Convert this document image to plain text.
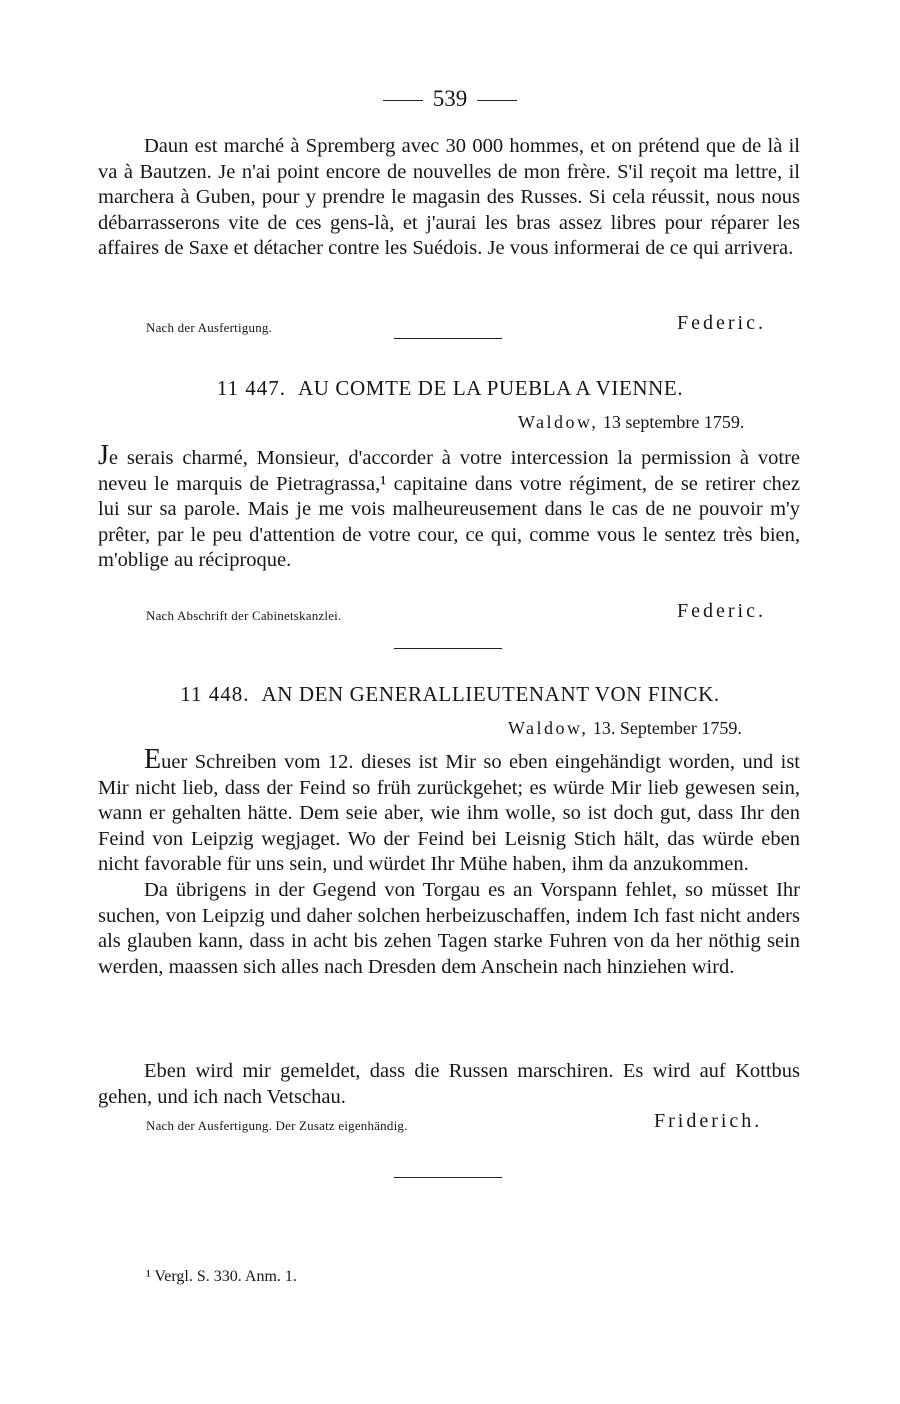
539

Daun est marché à Spremberg avec 30 000 hommes, et on prétend que de là il va à Bautzen. Je n'ai point encore de nouvelles de mon frère. S'il reçoit ma lettre, il marchera à Guben, pour y prendre le magasin des Russes. Si cela réussit, nous nous débarrasserons vite de ces gens-là, et j'aurai les bras assez libres pour réparer les affaires de Saxe et détacher contre les Suédois. Je vous informerai de ce qui arrivera.

Nach der Ausfertigung.	Federic.
11 447. AU COMTE DE LA PUEBLA A VIENNE.
Waldow, 13 septembre 1759.

Je serais charmé, Monsieur, d'accorder à votre intercession la permission à votre neveu le marquis de Pietragrassa,¹ capitaine dans votre régiment, de se retirer chez lui sur sa parole. Mais je me vois malheureusement dans le cas de ne pouvoir m'y prêter, par le peu d'attention de votre cour, ce qui, comme vous le sentez très bien, m'oblige au réciproque.

Nach Abschrift der Cabinetskanzlei.	Federic.
11 448. AN DEN GENERALLIEUTENANT VON FINCK.
Waldow, 13. September 1759.

Euer Schreiben vom 12. dieses ist Mir so eben eingehändigt worden, und ist Mir nicht lieb, dass der Feind so früh zurückgehet; es würde Mir lieb gewesen sein, wann er gehalten hätte. Dem seie aber, wie ihm wolle, so ist doch gut, dass Ihr den Feind von Leipzig wegjaget. Wo der Feind bei Leisnig Stich hält, das würde eben nicht favorable für uns sein, und würdet Ihr Mühe haben, ihm da anzukommen.

Da übrigens in der Gegend von Torgau es an Vorspann fehlet, so müsset Ihr suchen, von Leipzig und daher solchen herbeizuschaffen, indem Ich fast nicht anders als glauben kann, dass in acht bis zehen Tagen starke Fuhren von da her nöthig sein werden, maassen sich alles nach Dresden dem Anschein nach hinziehen wird.

Eben wird mir gemeldet, dass die Russen marschiren. Es wird auf Kottbus gehen, und ich nach Vetschau.

Nach der Ausfertigung. Der Zusatz eigenhändig.	Friderich.
¹ Vergl. S. 330. Anm. 1.
